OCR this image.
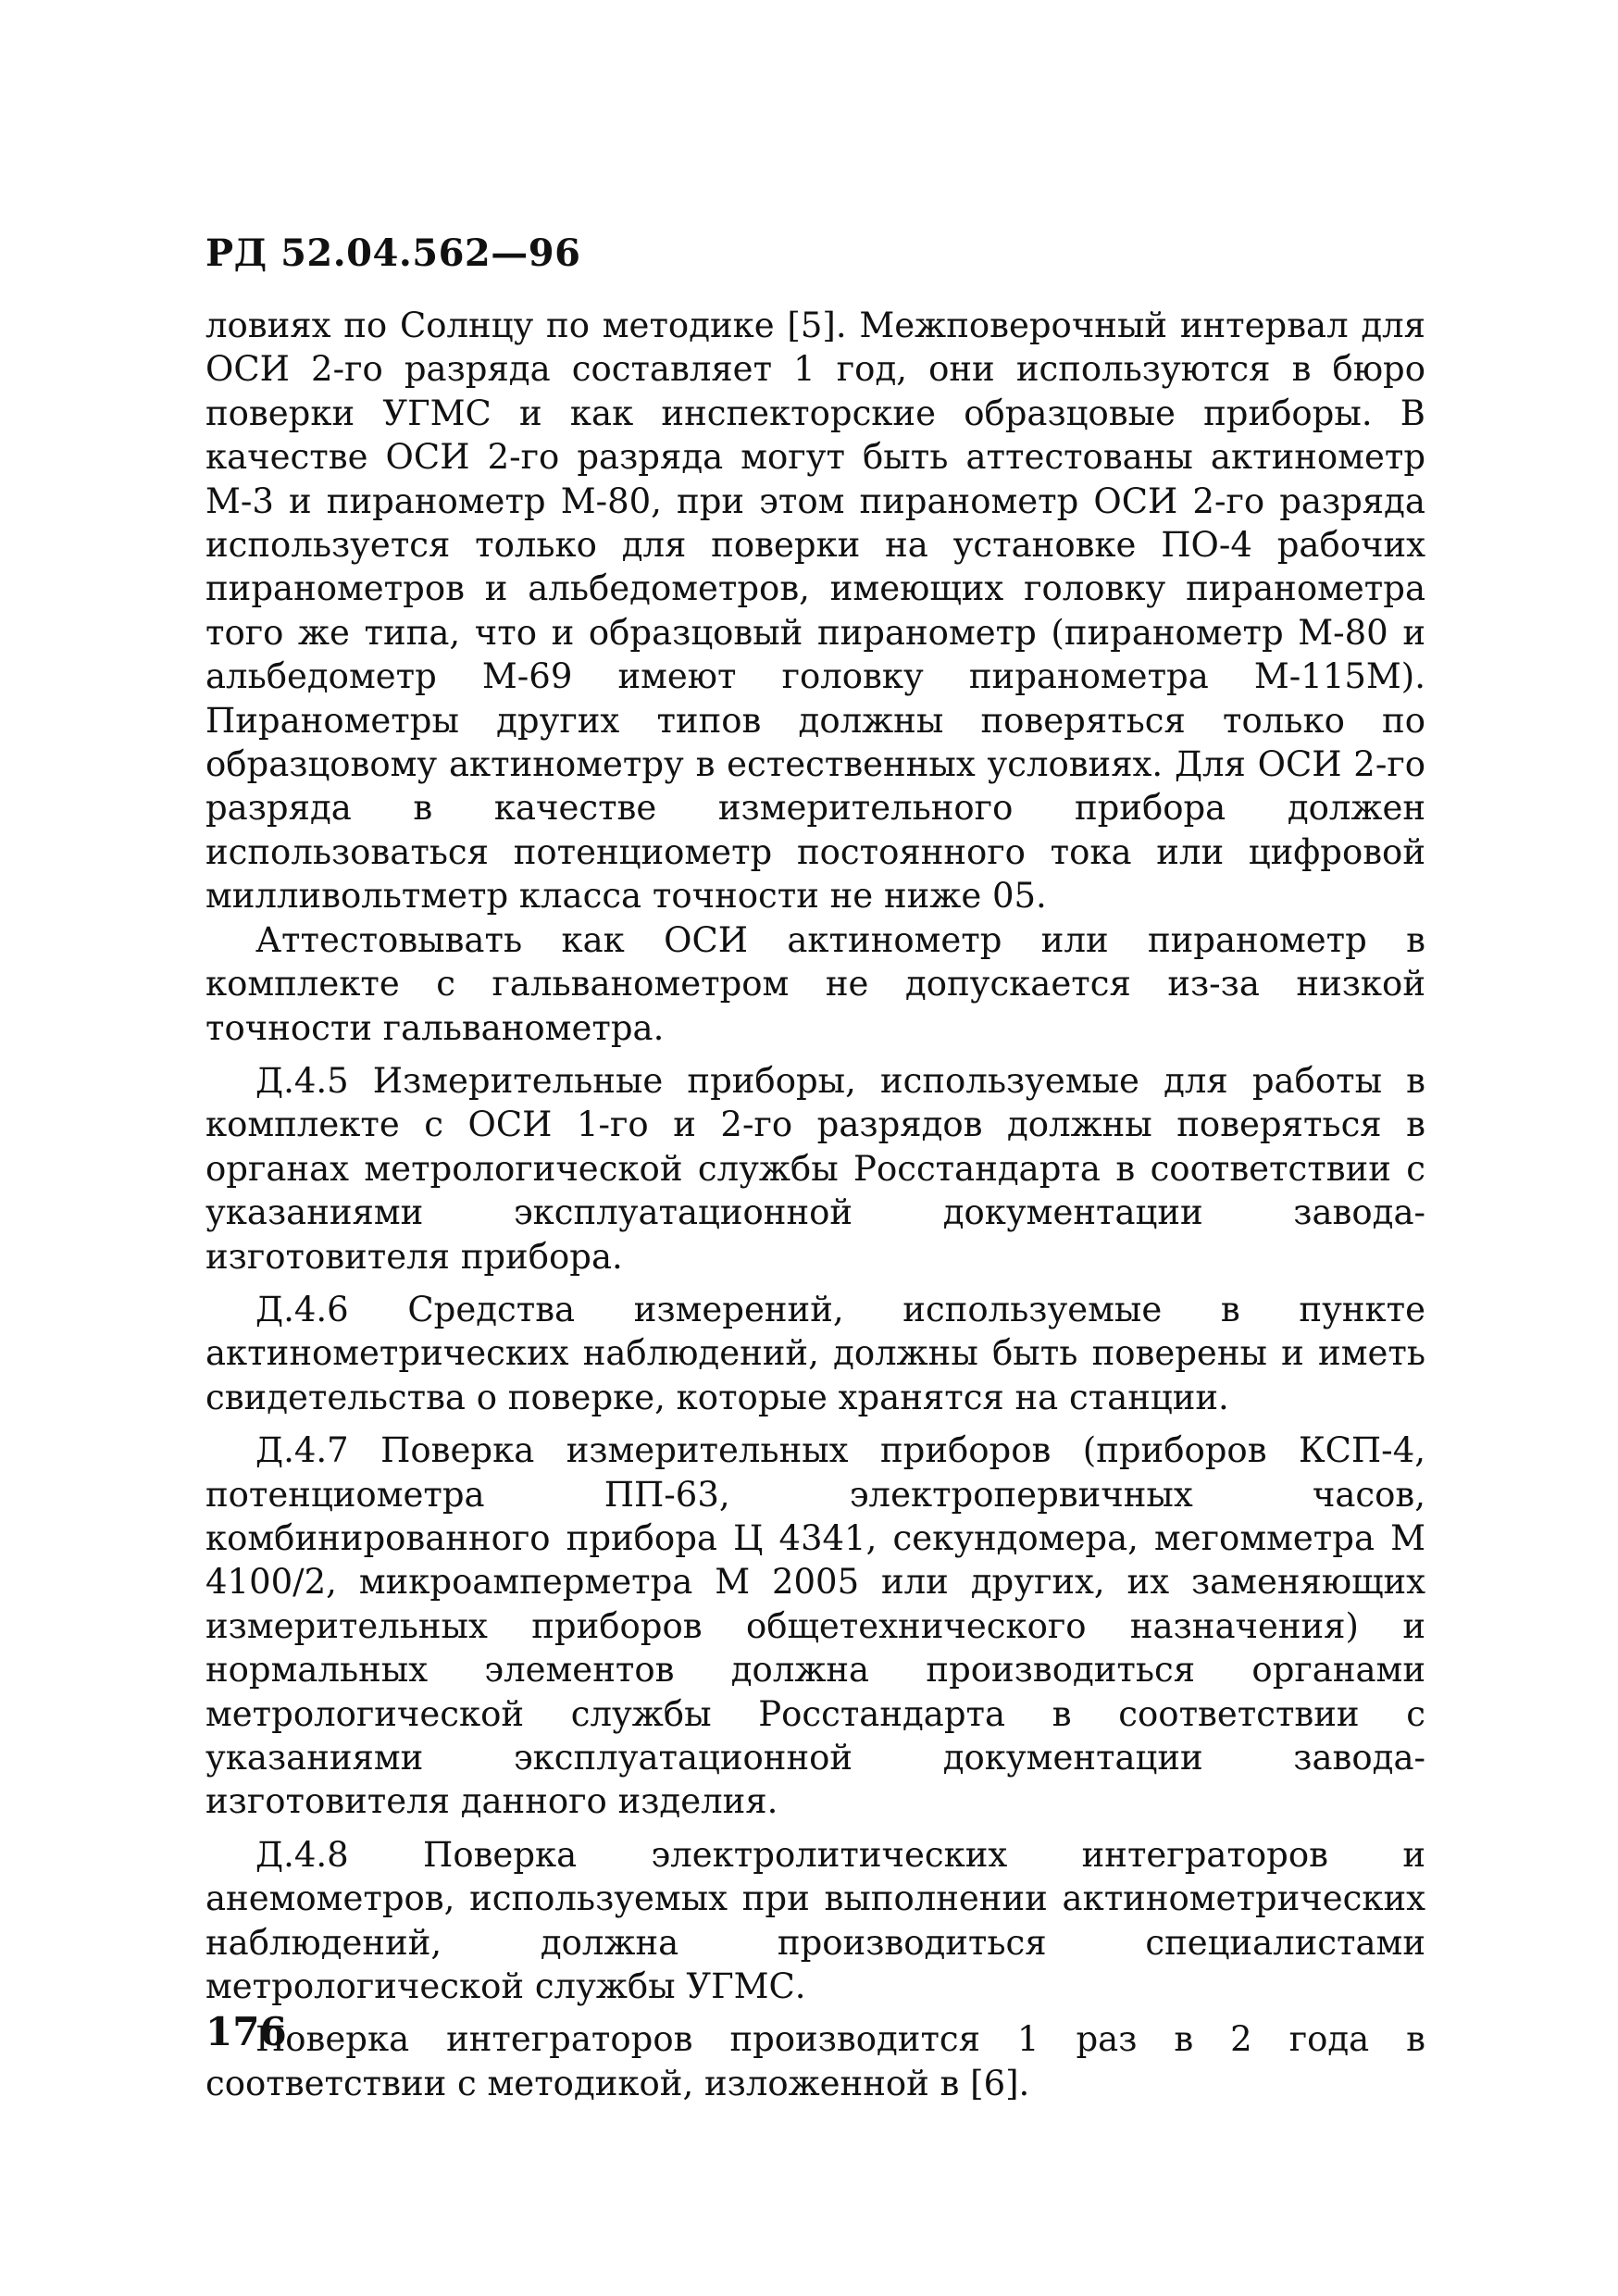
РД 52.04.562—96

ловиях по Солнцу по методике [5]. Межповерочный интервал для ОСИ 2-го разряда составляет 1 год, они используются в бюро поверки УГМС и как инспекторские образцовые приборы. В качестве ОСИ 2-го разряда могут быть аттестованы актинометр М-3 и пиранометр М-80, при этом пиранометр ОСИ 2-го разряда используется только для поверки на установке ПО-4 рабочих пиранометров и альбедометров, имеющих головку пиранометра того же типа, что и образцовый пиранометр (пиранометр М-80 и альбедометр М-69 имеют головку пиранометра М-115М). Пиранометры других типов должны поверяться только по образцовому актинометру в естественных условиях. Для ОСИ 2-го разряда в качестве измерительного прибора должен использоваться потенциометр постоянного тока или цифровой милливольтметр класса точности не ниже 05.

Аттестовывать как ОСИ актинометр или пиранометр в комплекте с гальванометром не допускается из-за низкой точности гальванометра.

Д.4.5 Измерительные приборы, используемые для работы в комплекте с ОСИ 1-го и 2-го разрядов должны поверяться в органах метрологической службы Росстандарта в соответствии с указаниями эксплуатационной документации завода-изготовителя прибора.

Д.4.6 Средства измерений, используемые в пункте актинометрических наблюдений, должны быть поверены и иметь свидетельства о поверке, которые хранятся на станции.

Д.4.7 Поверка измерительных приборов (приборов КСП-4, потенциометра ПП-63, электропервичных часов, комбинированного прибора Ц 4341, секундомера, мегомметра М 4100/2, микроамперметра М 2005 или других, их заменяющих измерительных приборов общетехнического назначения) и нормальных элементов должна производиться органами метрологической службы Росстандарта в соответствии с указаниями эксплуатационной документации завода-изготовителя данного изделия.

Д.4.8 Поверка электролитических интеграторов и анемометров, используемых при выполнении актинометрических наблюдений, должна производиться специалистами метрологической службы УГМС.

Поверка интеграторов производится 1 раз в 2 года в соответствии с методикой, изложенной в [6].

176
